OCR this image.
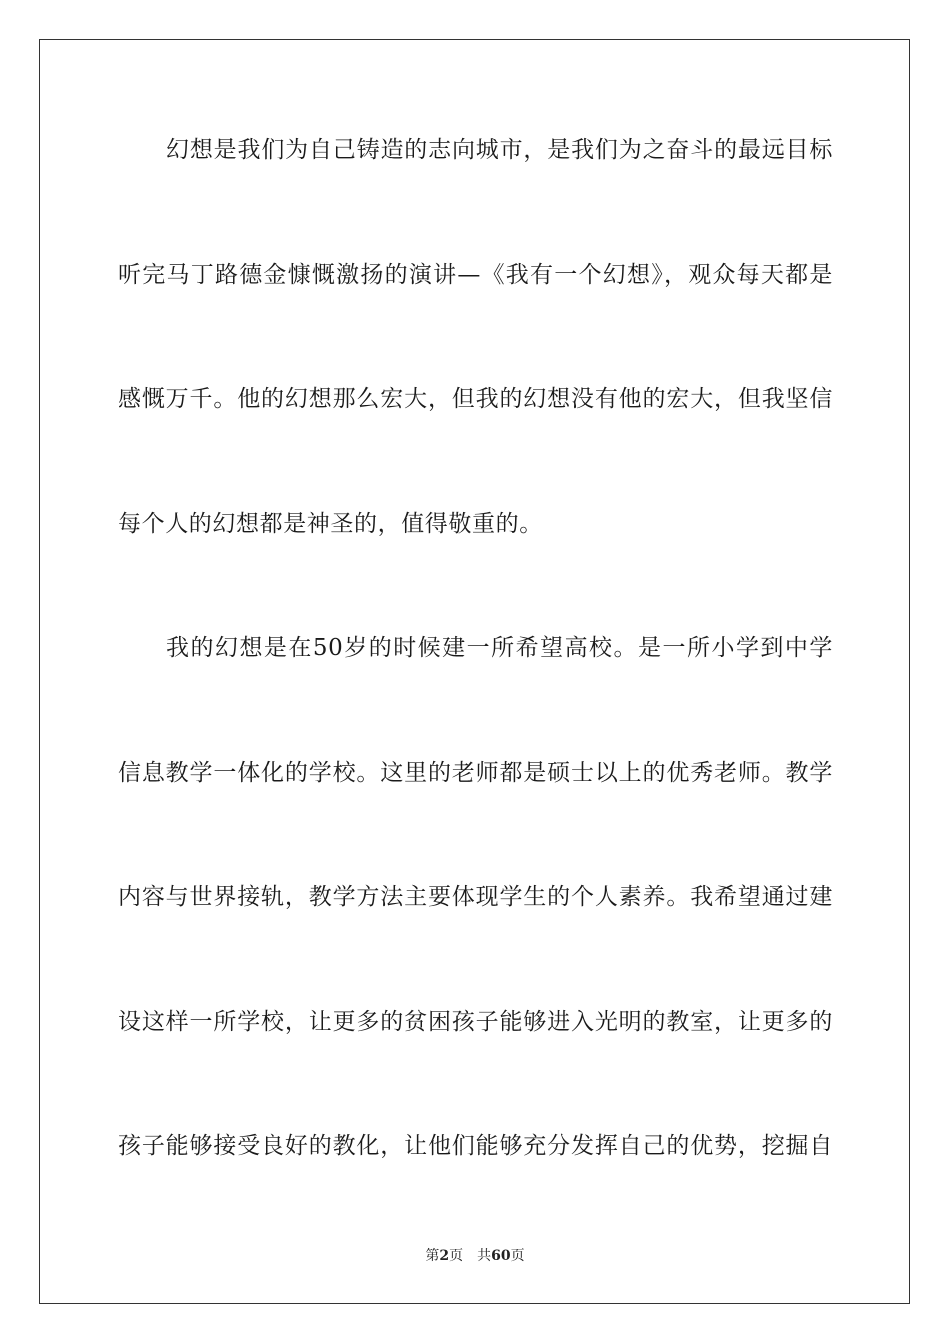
幻想是我们为自己铸造的志向城市，是我们为之奋斗的最远目标
听完马丁路德金慷慨激扬的演讲—《我有一个幻想》，观众每天都是
感慨万千。他的幻想那么宏大，但我的幻想没有他的宏大，但我坚信
每个人的幻想都是神圣的，值得敬重的。
我的幻想是在50岁的时候建一所希望高校。是一所小学到中学
信息教学一体化的学校。这里的老师都是硕士以上的优秀老师。教学
内容与世界接轨，教学方法主要体现学生的个人素养。我希望通过建
设这样一所学校，让更多的贫困孩子能够进入光明的教室，让更多的
孩子能够接受良好的教化，让他们能够充分发挥自己的优势，挖掘自
第2页 共60页
